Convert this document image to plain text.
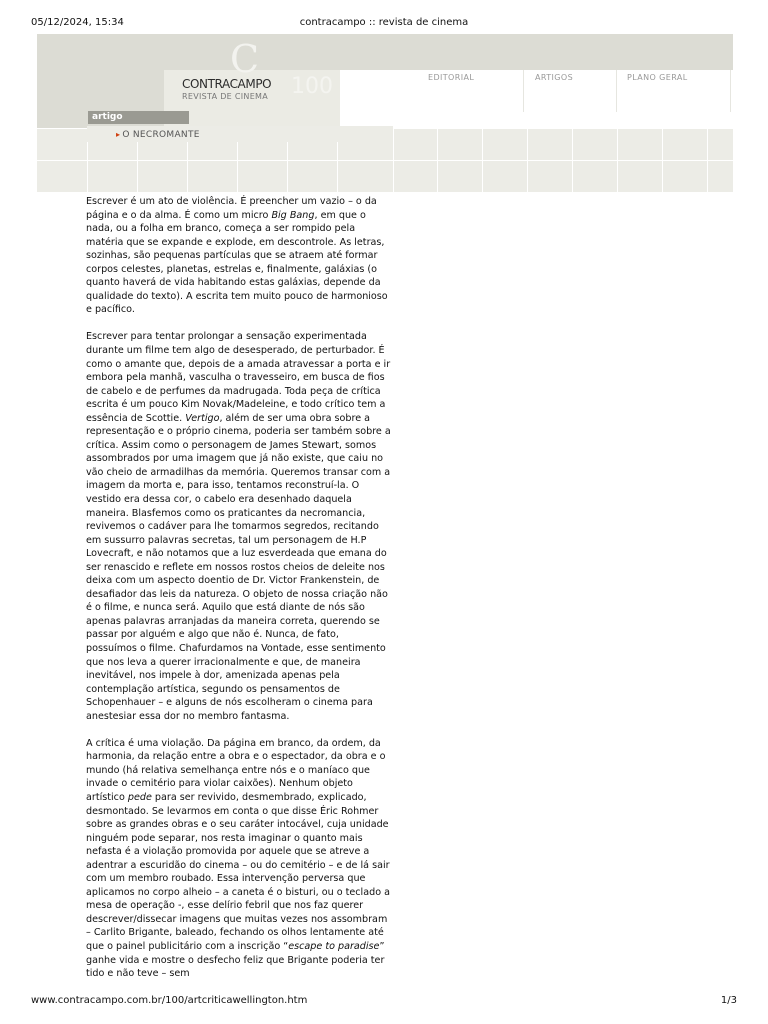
05/12/2024, 15:34	contracampo :: revista de cinema
C
CONTRACAMPO
REVISTA DE CINEMA 100	EDITORIAL	ARTIGOS	PLANO GERAL
artigo
▸ O NECROMANTE

Escrever é um ato de violência. É preencher um vazio – o da página e o da alma. É como um micro Big Bang, em que o nada, ou a folha em branco, começa a ser rompido pela matéria que se expande e explode, em descontrole. As letras, sozinhas, são pequenas partículas que se atraem até formar corpos celestes, planetas, estrelas e, finalmente, galáxias (o quanto haverá de vida habitando estas galáxias, depende da qualidade do texto). A escrita tem muito pouco de harmonioso e pacífico.

Escrever para tentar prolongar a sensação experimentada durante um filme tem algo de desesperado, de perturbador. É como o amante que, depois de a amada atravessar a porta e ir embora pela manhã, vasculha o travesseiro, em busca de fios de cabelo e de perfumes da madrugada. Toda peça de crítica escrita é um pouco Kim Novak/Madeleine, e todo crítico tem a essência de Scottie. Vertigo, além de ser uma obra sobre a representação e o próprio cinema, poderia ser também sobre a crítica. Assim como o personagem de James Stewart, somos assombrados por uma imagem que já não existe, que caiu no vão cheio de armadilhas da memória. Queremos transar com a imagem da morta e, para isso, tentamos reconstruí-la. O vestido era dessa cor, o cabelo era desenhado daquela maneira. Blasfemos como os praticantes da necromancia, revivemos o cadáver para lhe tomarmos segredos, recitando em sussurro palavras secretas, tal um personagem de H.P Lovecraft, e não notamos que a luz esverdeada que emana do ser renascido e reflete em nossos rostos cheios de deleite nos deixa com um aspecto doentio de Dr. Victor Frankenstein, de desafiador das leis da natureza. O objeto de nossa criação não é o filme, e nunca será. Aquilo que está diante de nós são apenas palavras arranjadas da maneira correta, querendo se passar por alguém e algo que não é. Nunca, de fato, possuímos o filme. Chafurdamos na Vontade, esse sentimento que nos leva a querer irracionalmente e que, de maneira inevitável, nos impele à dor, amenizada apenas pela contemplação artística, segundo os pensamentos de Schopenhauer – e alguns de nós escolheram o cinema para anestesiar essa dor no membro fantasma.

A crítica é uma violação. Da página em branco, da ordem, da harmonia, da relação entre a obra e o espectador, da obra e o mundo (há relativa semelhança entre nós e o maníaco que invade o cemitério para violar caixões). Nenhum objeto artístico pede para ser revivido, desmembrado, explicado, desmontado. Se levarmos em conta o que disse Éric Rohmer sobre as grandes obras e o seu caráter intocável, cuja unidade ninguém pode separar, nos resta imaginar o quanto mais nefasta é a violação promovida por aquele que se atreve a adentrar a escuridão do cinema – ou do cemitério – e de lá sair com um membro roubado. Essa intervenção perversa que aplicamos no corpo alheio – a caneta é o bisturi, ou o teclado a mesa de operação -, esse delírio febril que nos faz querer descrever/dissecar imagens que muitas vezes nos assombram – Carlito Brigante, baleado, fechando os olhos lentamente até que o painel publicitário com a inscrição “escape to paradise” ganhe vida e mostre o desfecho feliz que Brigante poderia ter tido e não teve – sem

www.contracampo.com.br/100/artcriticawellington.htm	1/3
